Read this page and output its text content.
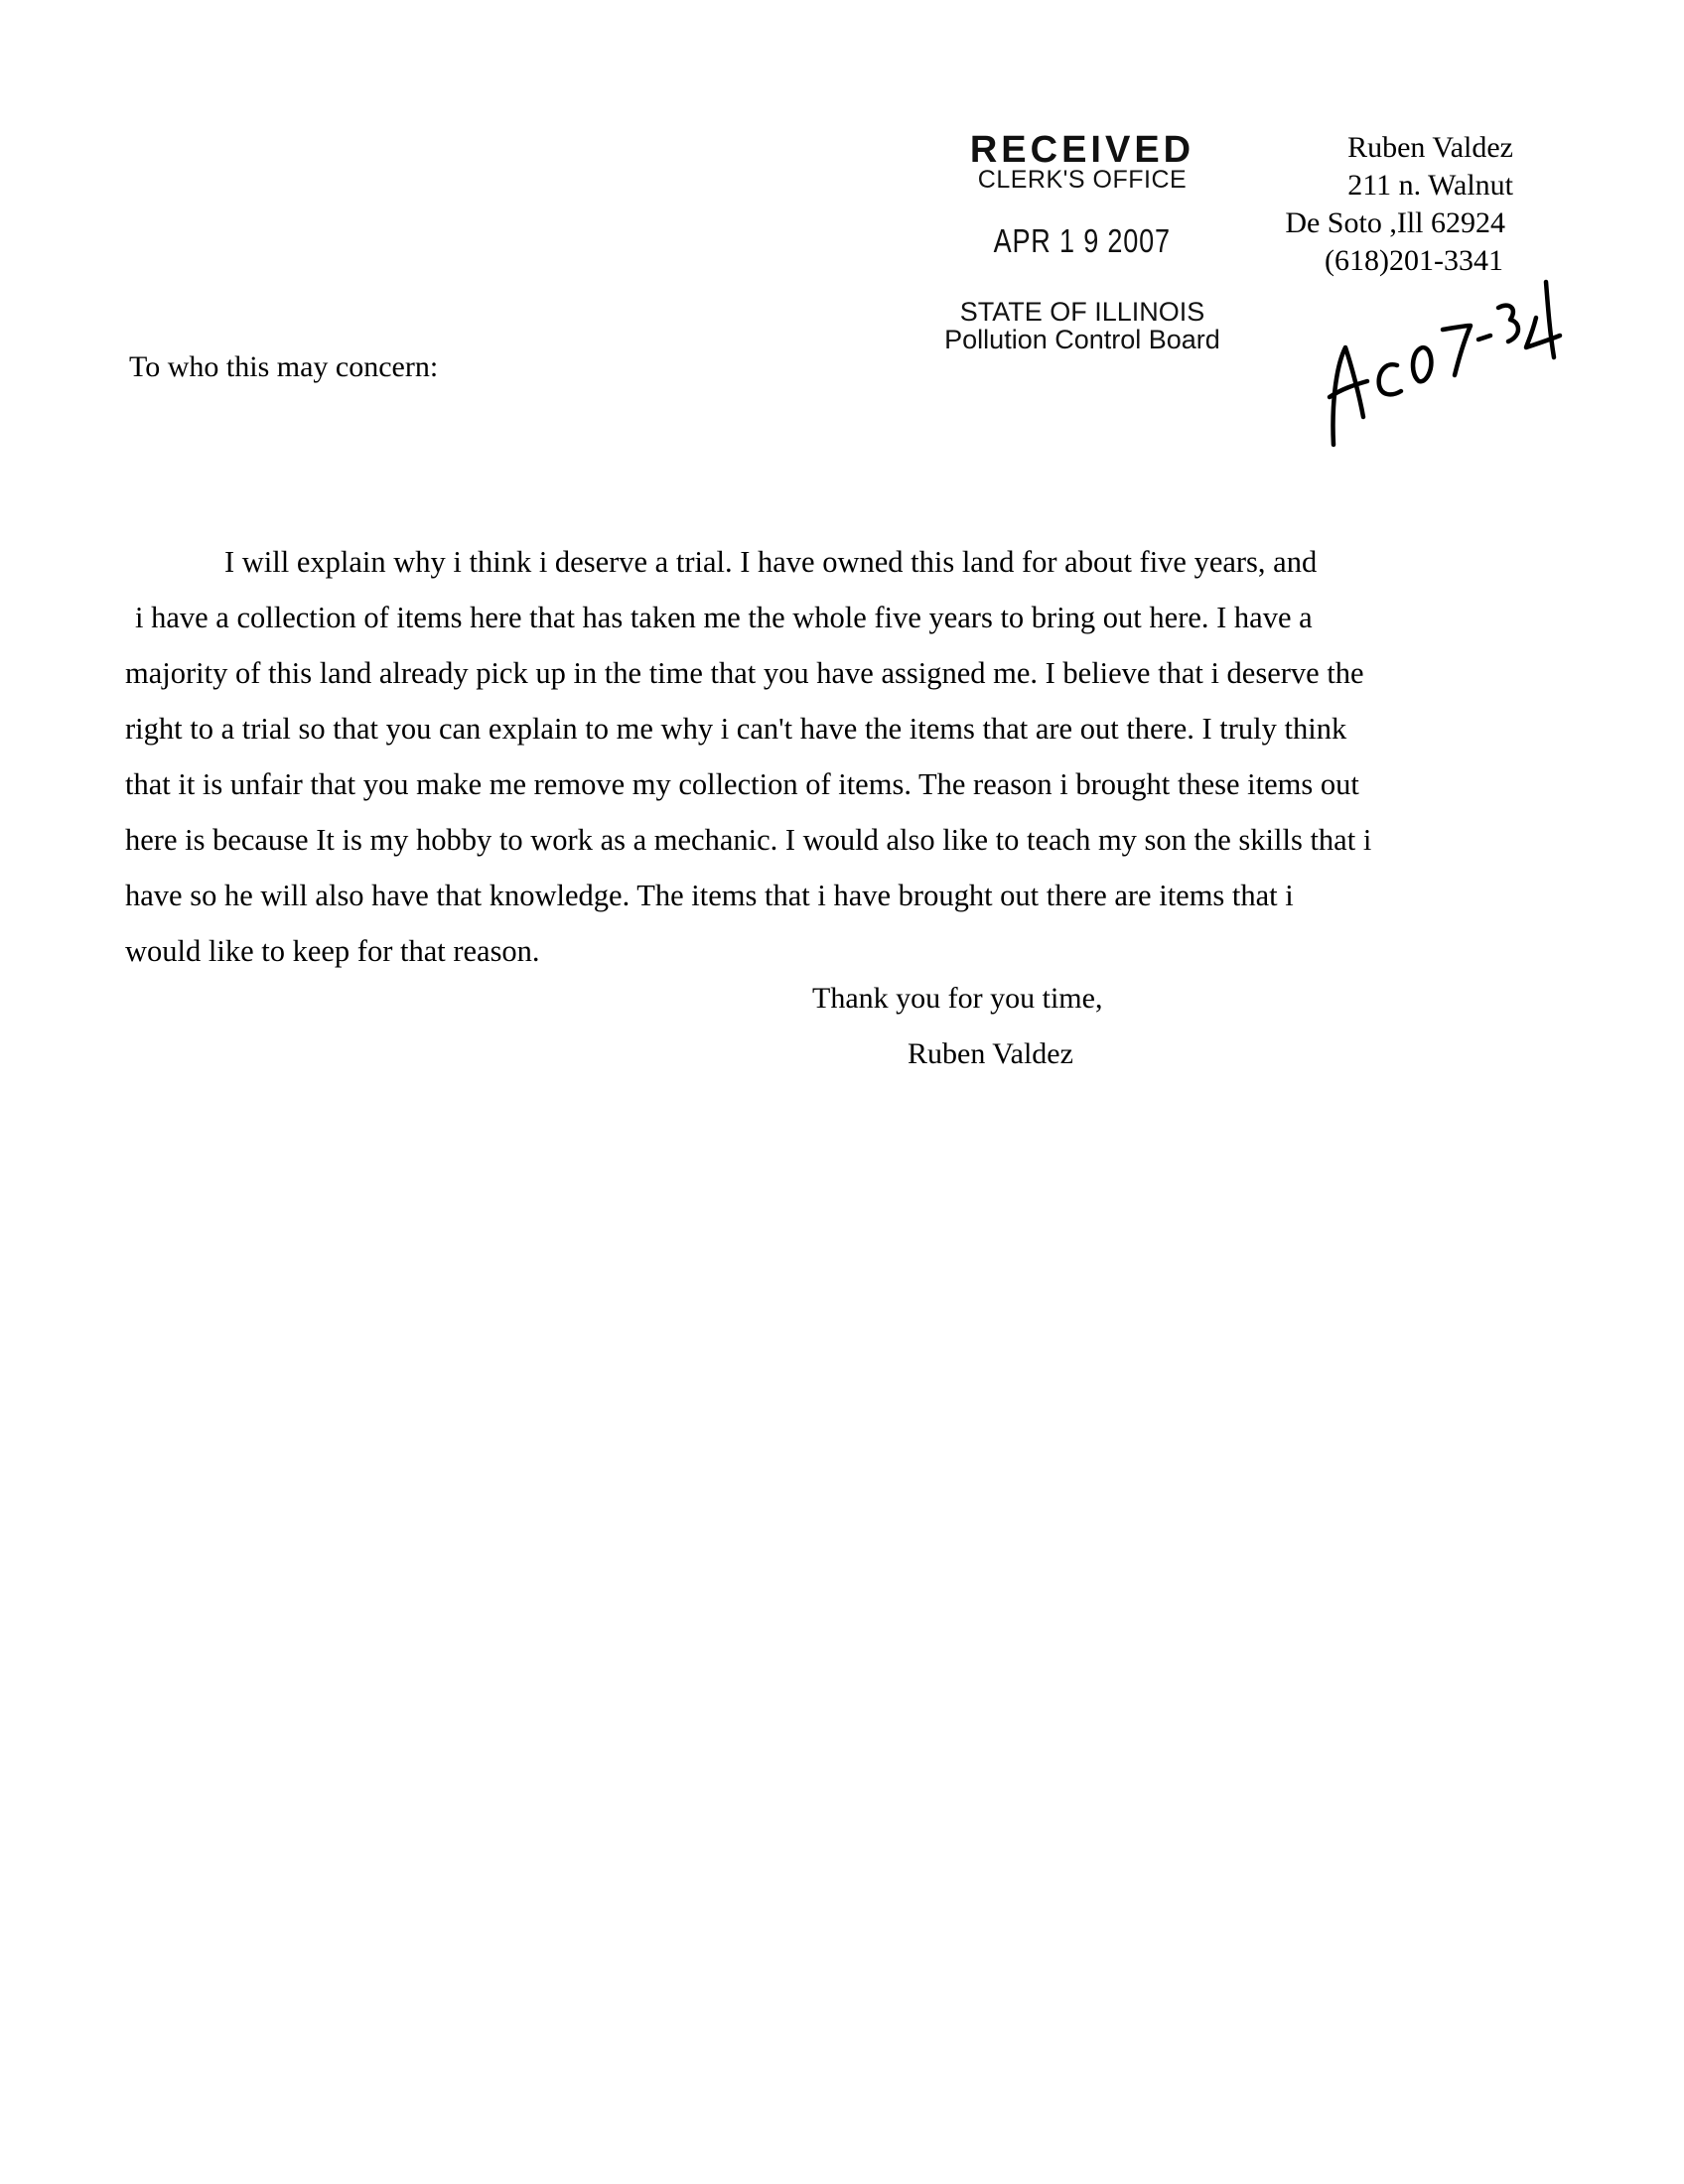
RECEIVED
CLERK'S OFFICE
APR 1 9 2007
STATE OF ILLINOIS
Pollution Control Board
Ruben Valdez
211 n. Walnut
De Soto ,Ill 62924
(618)201-3341
To who this may concern:
I will explain why i think i deserve a trial. I have owned this land for about five years, and
i have a collection of items here that has taken me the whole five years to bring out here. I have a
majority of this land already pick up in the time that you have assigned me. I believe that i deserve the
right to a trial so that you can explain to me why i can't have the items that are out there. I truly think
that it is unfair that you make me remove my collection of items. The reason i brought these items out
here is because It is my hobby to work as a mechanic. I would also like to teach my son the skills that i
have so he will also have that knowledge. The items that i have brought out there are items that i
would like to keep for that reason.
Thank you for you time,
Ruben Valdez
